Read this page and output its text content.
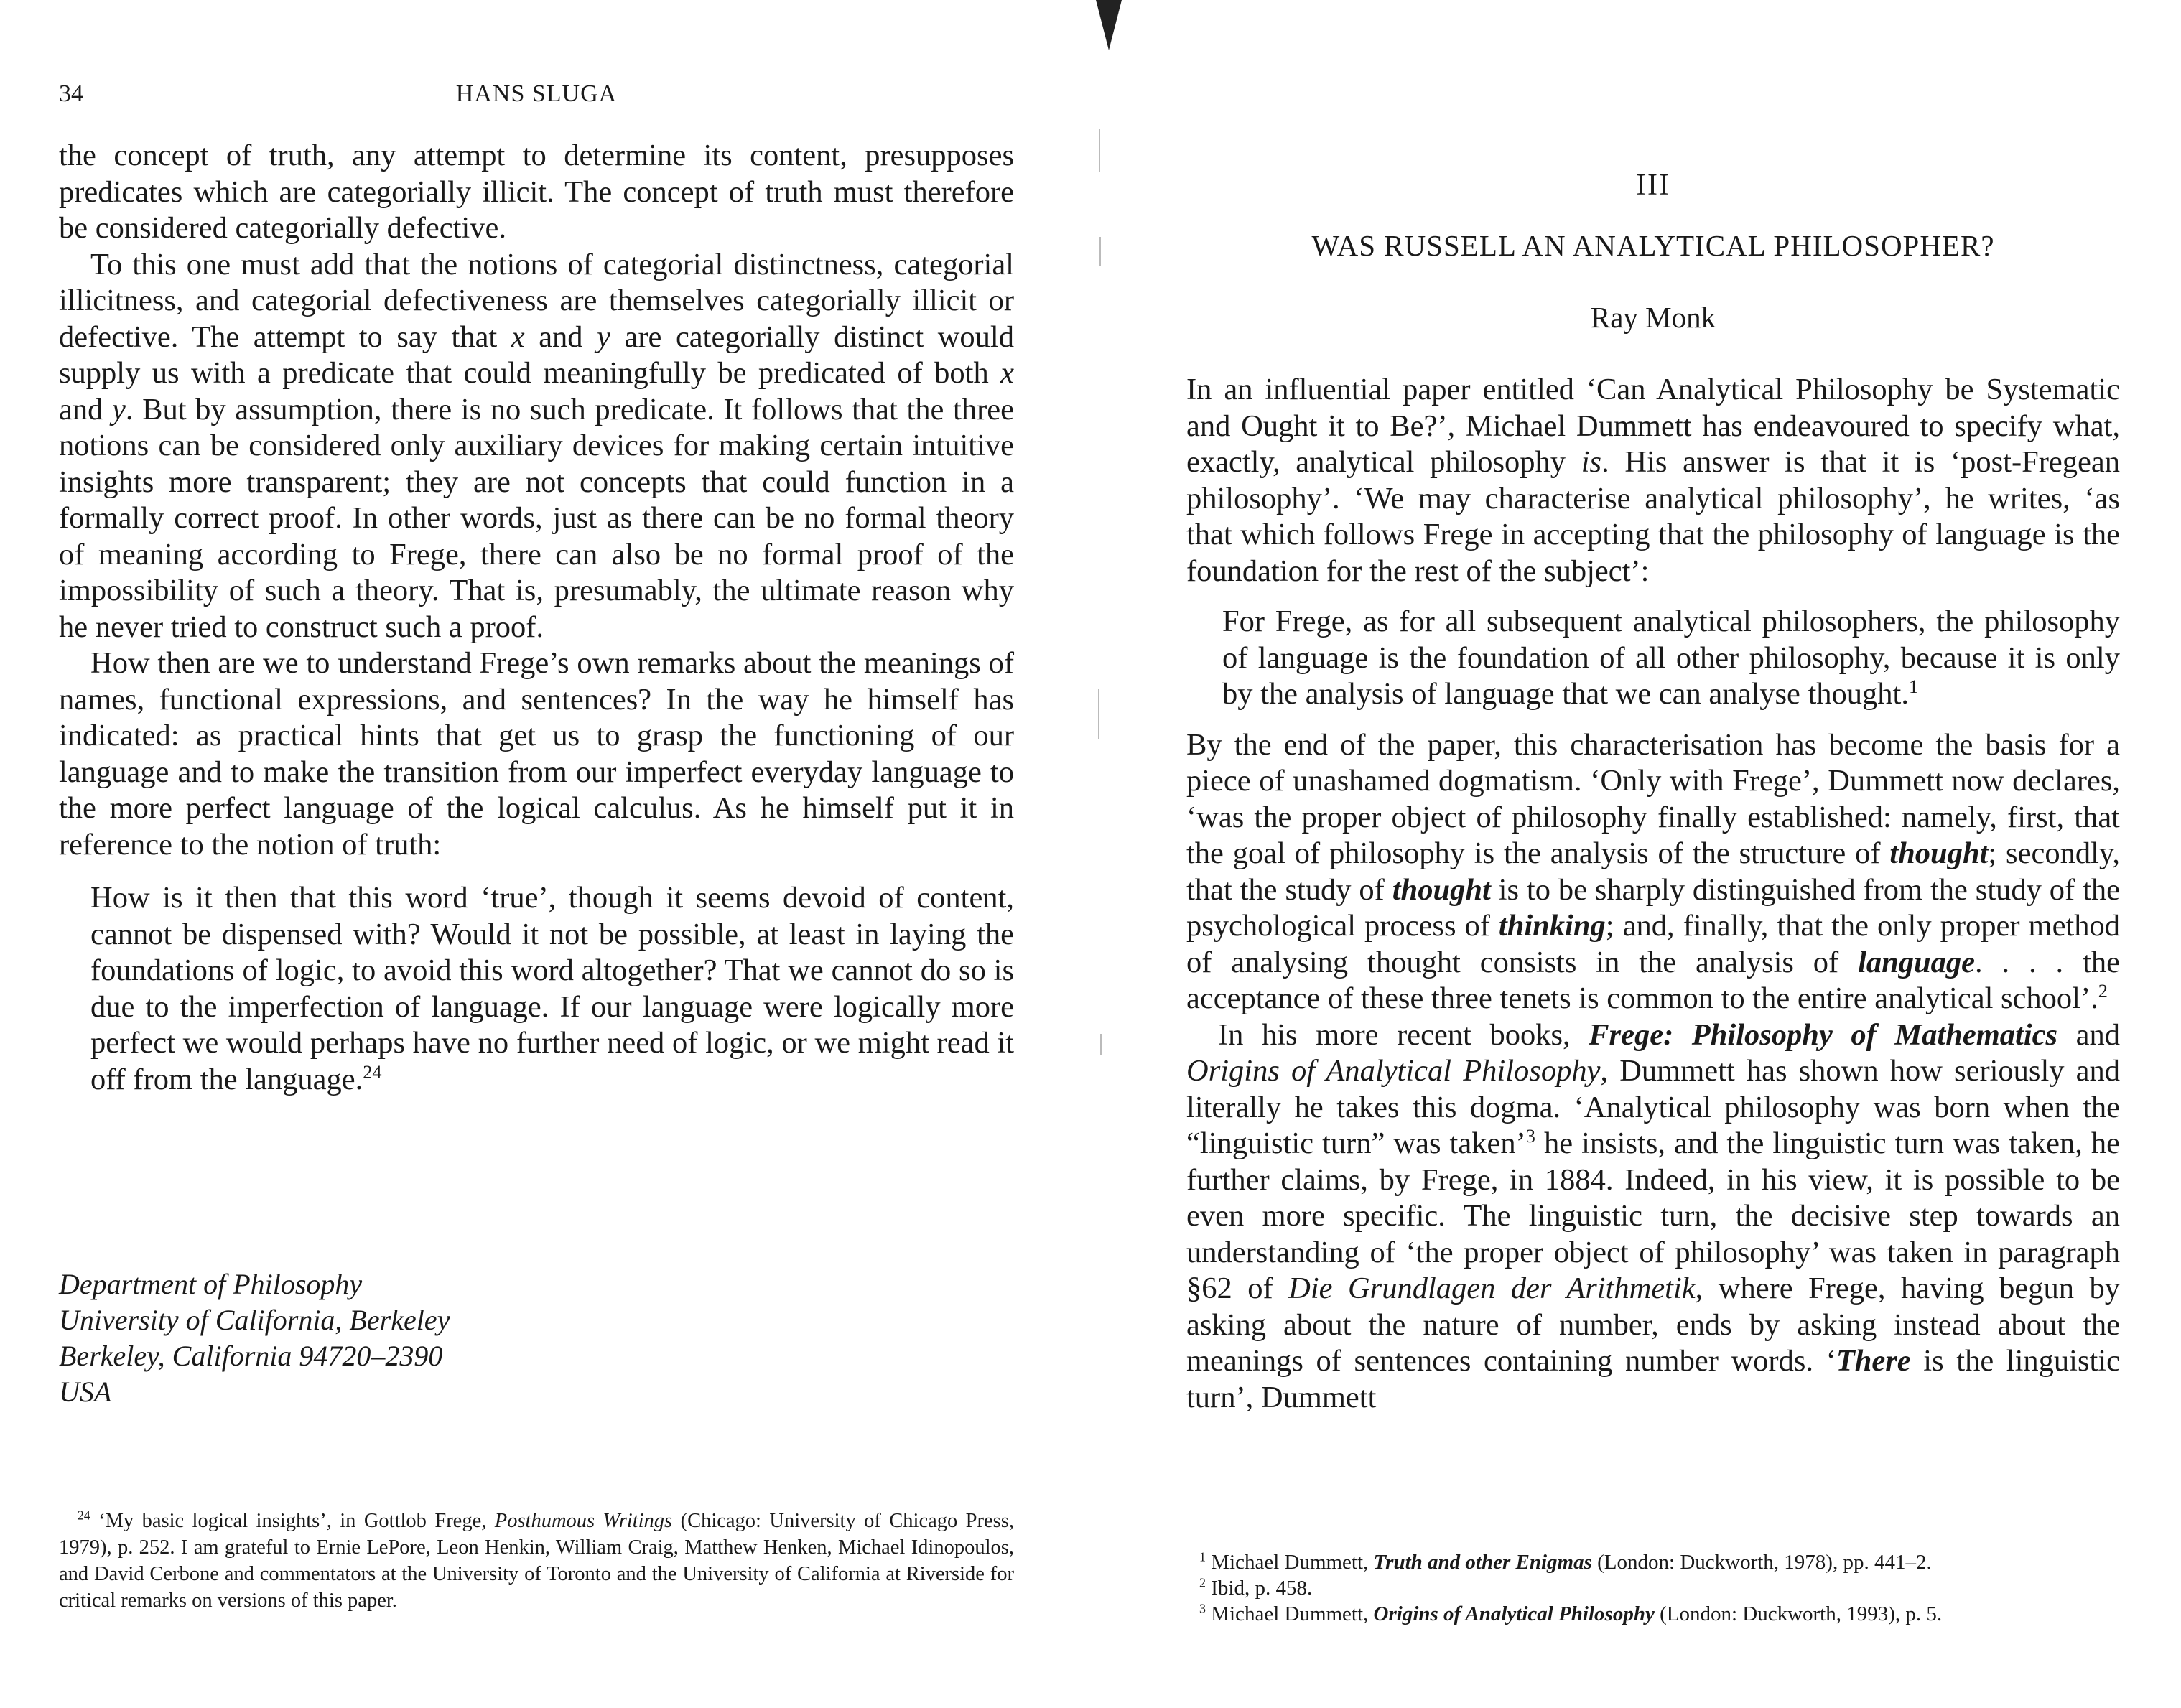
34	HANS SLUGA

the concept of truth, any attempt to determine its content, presupposes predicates which are categorially illicit. The concept of truth must therefore be considered categorially defective.

To this one must add that the notions of categorial distinctness, categorial illicitness, and categorial defectiveness are themselves categorially illicit or defective. The attempt to say that x and y are categorially distinct would supply us with a predicate that could meaningfully be predicated of both x and y. But by assumption, there is no such predicate. It follows that the three notions can be considered only auxiliary devices for making certain intuitive insights more transparent; they are not concepts that could function in a formally correct proof. In other words, just as there can be no formal theory of meaning according to Frege, there can also be no formal proof of the impossibility of such a theory. That is, presumably, the ultimate reason why he never tried to construct such a proof.

How then are we to understand Frege’s own remarks about the meanings of names, functional expressions, and sentences? In the way he himself has indicated: as practical hints that get us to grasp the functioning of our language and to make the transition from our imperfect everyday language to the more perfect language of the logical calculus. As he himself put it in reference to the notion of truth:

How is it then that this word ‘true’, though it seems devoid of content, cannot be dispensed with? Would it not be possible, at least in laying the foundations of logic, to avoid this word altogether? That we cannot do so is due to the imperfection of language. If our language were logically more perfect we would perhaps have no further need of logic, or we might read it off from the language.$^{24}$

Department of Philosophy
University of California, Berkeley
Berkeley, California 94720–2390
USA

$^{24}$ ‘My basic logical insights’, in Gottlob Frege, Posthumous Writings (Chicago: University of Chicago Press, 1979), p. 252. I am grateful to Ernie LePore, Leon Henkin, William Craig, Matthew Henken, Michael Idinopoulos, and David Cerbone and commentators at the University of Toronto and the University of California at Riverside for critical remarks on versions of this paper.

III
WAS RUSSELL AN ANALYTICAL PHILOSOPHER?
Ray Monk

In an influential paper entitled ‘Can Analytical Philosophy be Systematic and Ought it to Be?’, Michael Dummett has endeavoured to specify what, exactly, analytical philosophy is. His answer is that it is ‘post-Fregean philosophy’. ‘We may characterise analytical philosophy’, he writes, ‘as that which follows Frege in accepting that the philosophy of language is the foundation for the rest of the subject’:

For Frege, as for all subsequent analytical philosophers, the philosophy of language is the foundation of all other philosophy, because it is only by the analysis of language that we can analyse thought.$^1$

By the end of the paper, this characterisation has become the basis for a piece of unashamed dogmatism. ‘Only with Frege’, Dummett now declares, ‘was the proper object of philosophy finally established: namely, first, that the goal of philosophy is the analysis of the structure of thought; secondly, that the study of thought is to be sharply distinguished from the study of the psychological process of thinking; and, finally, that the only proper method of analysing thought consists in the analysis of language. . . . the acceptance of these three tenets is common to the entire analytical school’.$^2$

In his more recent books, Frege: Philosophy of Mathematics and Origins of Analytical Philosophy, Dummett has shown how seriously and literally he takes this dogma. ‘Analytical philosophy was born when the “linguistic turn” was taken’$^3$ he insists, and the linguistic turn was taken, he further claims, by Frege, in 1884. Indeed, in his view, it is possible to be even more specific. The linguistic turn, the decisive step towards an understanding of ‘the proper object of philosophy’ was taken in paragraph §62 of Die Grundlagen der Arithmetik, where Frege, having begun by asking about the nature of number, ends by asking instead about the meanings of sentences containing number words. ‘There is the linguistic turn’, Dummett

$^1$ Michael Dummett, Truth and other Enigmas (London: Duckworth, 1978), pp. 441–2.

$^2$ Ibid, p. 458.

$^3$ Michael Dummett, Origins of Analytical Philosophy (London: Duckworth, 1993), p. 5.
